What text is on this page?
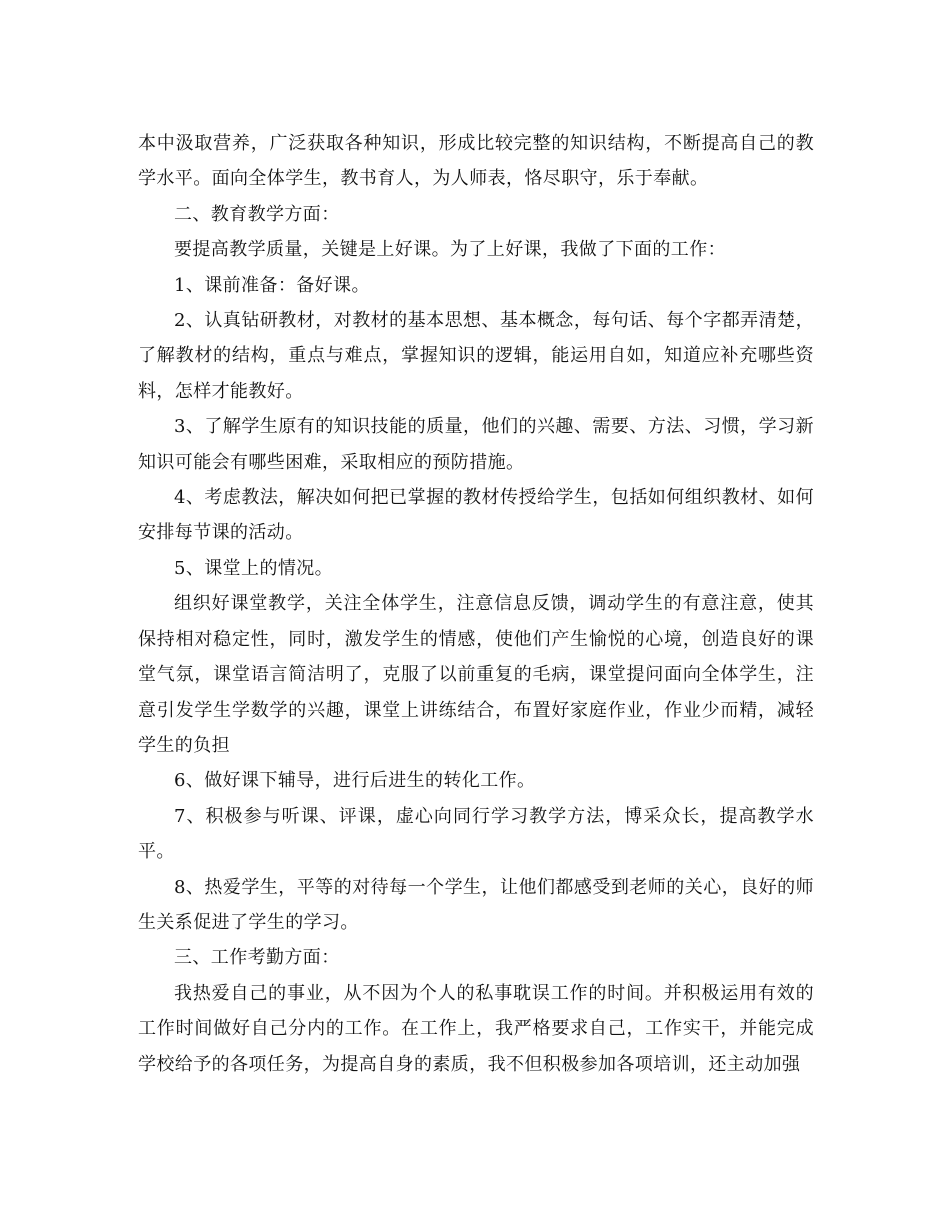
本中汲取营养，广泛获取各种知识，形成比较完整的知识结构，不断提高自己的教学水平。面向全体学生，教书育人，为人师表，恪尽职守，乐于奉献。

二、教育教学方面：

要提高教学质量，关键是上好课。为了上好课，我做了下面的工作：

1、课前准备：备好课。

2、认真钻研教材，对教材的基本思想、基本概念，每句话、每个字都弄清楚，了解教材的结构，重点与难点，掌握知识的逻辑，能运用自如，知道应补充哪些资料，怎样才能教好。

3、了解学生原有的知识技能的质量，他们的兴趣、需要、方法、习惯，学习新知识可能会有哪些困难，采取相应的预防措施。

4、考虑教法，解决如何把已掌握的教材传授给学生，包括如何组织教材、如何安排每节课的活动。

5、课堂上的情况。

组织好课堂教学，关注全体学生，注意信息反馈，调动学生的有意注意，使其保持相对稳定性，同时，激发学生的情感，使他们产生愉悦的心境，创造良好的课堂气氛，课堂语言简洁明了，克服了以前重复的毛病，课堂提问面向全体学生，注意引发学生学数学的兴趣，课堂上讲练结合，布置好家庭作业，作业少而精，减轻学生的负担

6、做好课下辅导，进行后进生的转化工作。

7、积极参与听课、评课，虚心向同行学习教学方法，博采众长，提高教学水平。

8、热爱学生，平等的对待每一个学生，让他们都感受到老师的关心，良好的师生关系促进了学生的学习。

三、工作考勤方面：

我热爱自己的事业，从不因为个人的私事耽误工作的时间。并积极运用有效的工作时间做好自己分内的工作。在工作上，我严格要求自己，工作实干，并能完成学校给予的各项任务，为提高自身的素质，我不但积极参加各项培训，还主动加强
